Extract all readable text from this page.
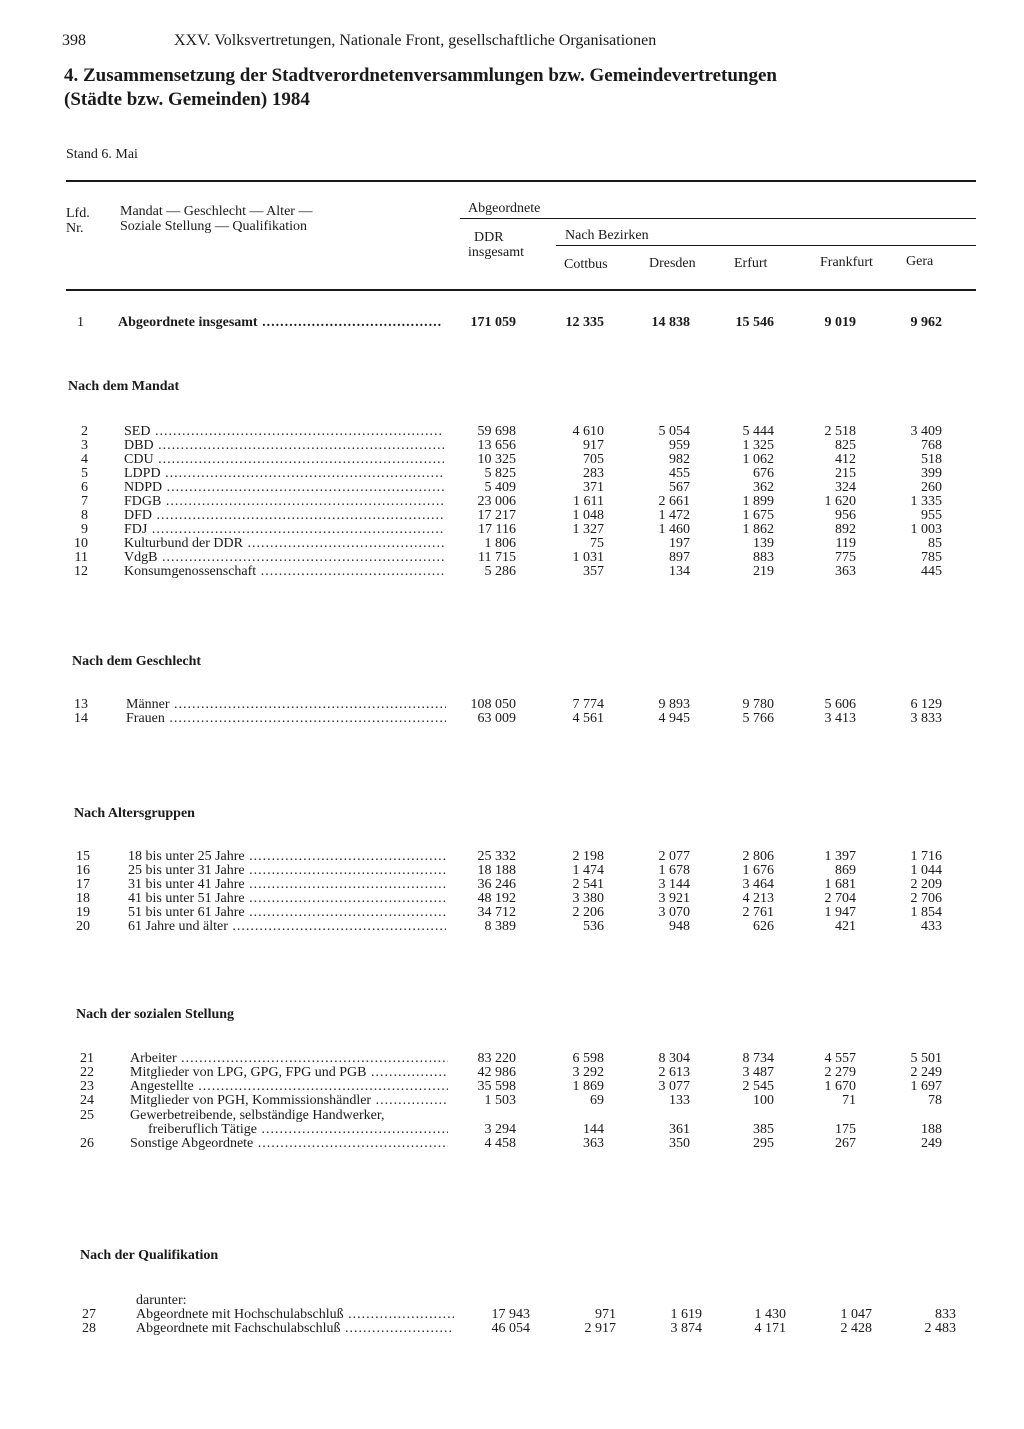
398	XXV. Volksvertretungen, Nationale Front, gesellschaftliche Organisationen
4. Zusammensetzung der Stadtverordnetenversammlungen bzw. Gemeindevertretungen
(Städte bzw. Gemeinden) 1984
Stand 6. Mai
Lfd.
Nr.
Mandat — Geschlecht — Alter —
Soziale Stellung — Qualifikation
Abgeordnete
DDR
insgesamt
Nach Bezirken
Cottbus	Dresden	Erfurt	Frankfurt Gera
1 Abgeordnete insgesamt .....	171 059	12 335	14 838	15 546	9 019	9 962
Nach dem Mandat
2	SED .....	59 698	4 610	5 054	5 444	2 518	3 409
3	DBD .....	13 656	917	959	1 325	825	768
4	CDU .....	10 325	705	982	1 062	412	518
5	LDPD .....	5 825	283	455	676	215	399
6	NDPD .....	5 409	371	567	362	324	260
7	FDGB .....	23 006	1 611	2 661	1 899	1 620	1 335
8	DFD .....	17 217	1 048	1 472	1 675	956	955
9	FDJ .....	17 116	1 327	1 460	1 862	892	1 003
10	Kulturbund der DDR .....	1 806	75	197	139	119	85
11	VdgB .....	11 715	1 031	897	883	775	785
12	Konsumgenossenschaft .....	5 286	357	134	219	363	445
Nach dem Geschlecht
13	Männer .....	108 050	7 774	9 893	9 780	5 606	6 129
14	Frauen .....	63 009	4 561	4 945	5 766	3 413	3 833
Nach Altersgruppen
15	18 bis unter 25 Jahre .....	25 332	2 198	2 077	2 806	1 397	1 716
16	25 bis unter 31 Jahre .....	18 188	1 474	1 678	1 676	869	1 044
17	31 bis unter 41 Jahre .....	36 246	2 541	3 144	3 464	1 681	2 209
18	41 bis unter 51 Jahre .....	48 192	3 380	3 921	4 213	2 704	2 706
19	51 bis unter 61 Jahre .....	34 712	2 206	3 070	2 761	1 947	1 854
20	61 Jahre und älter .....	8 389	536	948	626	421	433
Nach der sozialen Stellung
21	Arbeiter .....	83 220	6 598	8 304	8 734	4 557	5 501
22	Mitglieder von LPG, GPG, FPG und PGB .....	42 986	3 292	2 613	3 487	2 279	2 249
23	Angestellte .....	35 598	1 869	3 077	2 545	1 670	1 697
24	Mitglieder von PGH, Kommissionshändler .....	1 503	69	133	100	71	78
25	Gewerbetreibende, selbständige Handwerker,
freiberuflich Tätige .....	3 294	144	361	385	175	188
26	Sonstige Abgeordnete .....	4 458	363	350	295	267	249
Nach der Qualifikation
darunter:
27	Abgeordnete mit Hochschulabschluß .....	17 943	971	1 619	1 430	1 047	833
28	Abgeordnete mit Fachschulabschluß .....	46 054	2 917	3 874	4 171	2 428	2 483
